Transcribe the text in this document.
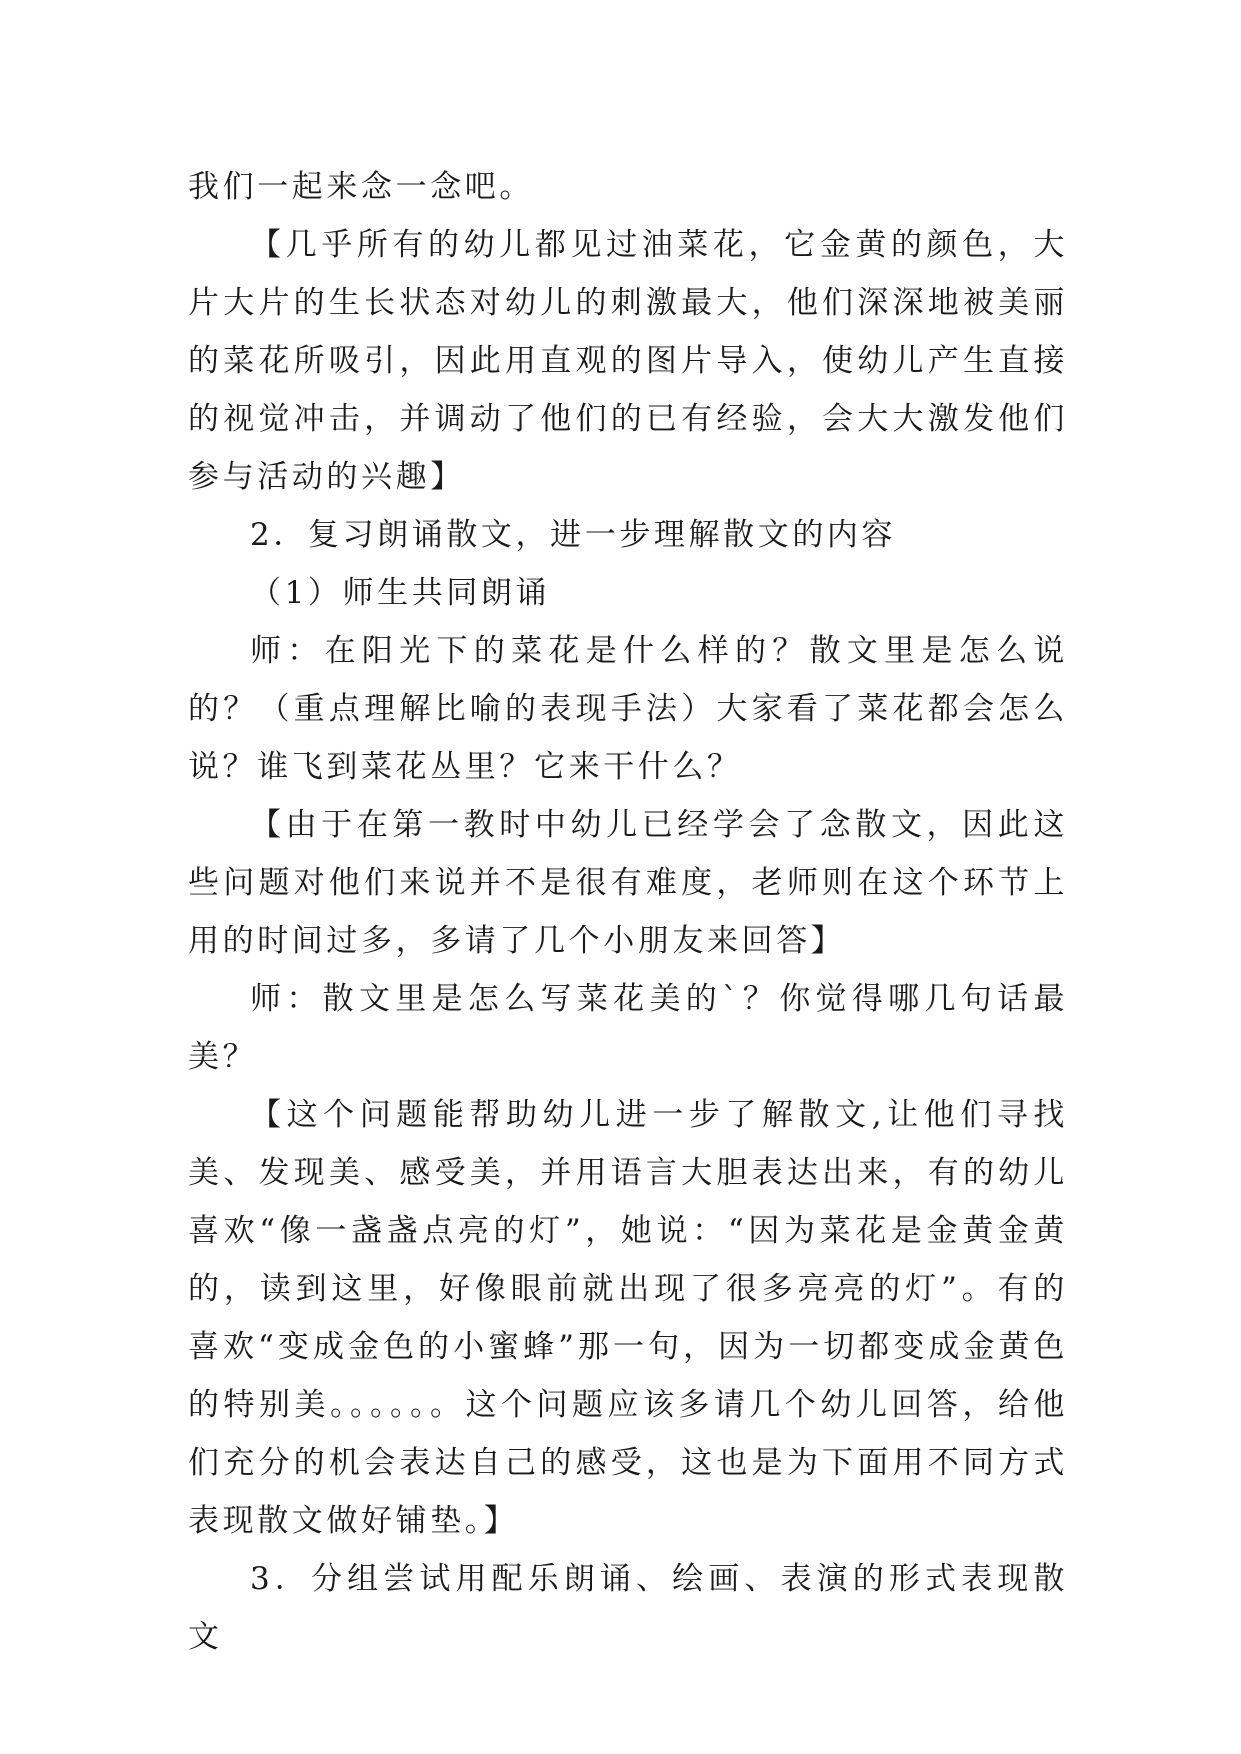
我们一起来念一念吧。

【几乎所有的幼儿都见过油菜花，它金黄的颜色，大片大片的生长状态对幼儿的刺激最大，他们深深地被美丽的菜花所吸引，因此用直观的图片导入，使幼儿产生直接的视觉冲击，并调动了他们的已有经验，会大大激发他们参与活动的兴趣】

2．复习朗诵散文，进一步理解散文的内容

（1）师生共同朗诵

师：在阳光下的菜花是什么样的？散文里是怎么说的？（重点理解比喻的表现手法）大家看了菜花都会怎么说？谁飞到菜花丛里？它来干什么？

【由于在第一教时中幼儿已经学会了念散文，因此这些问题对他们来说并不是很有难度，老师则在这个环节上用的时间过多，多请了几个小朋友来回答】

师：散文里是怎么写菜花美的`？你觉得哪几句话最美？

【这个问题能帮助幼儿进一步了解散文,让他们寻找美、发现美、感受美，并用语言大胆表达出来，有的幼儿喜欢“像一盏盏点亮的灯”，她说：“因为菜花是金黄金黄的，读到这里，好像眼前就出现了很多亮亮的灯”。有的喜欢“变成金色的小蜜蜂”那一句，因为一切都变成金黄色的特别美。。。。。。这个问题应该多请几个幼儿回答，给他们充分的机会表达自己的感受，这也是为下面用不同方式表现散文做好铺垫。】

3．分组尝试用配乐朗诵、绘画、表演的形式表现散文
